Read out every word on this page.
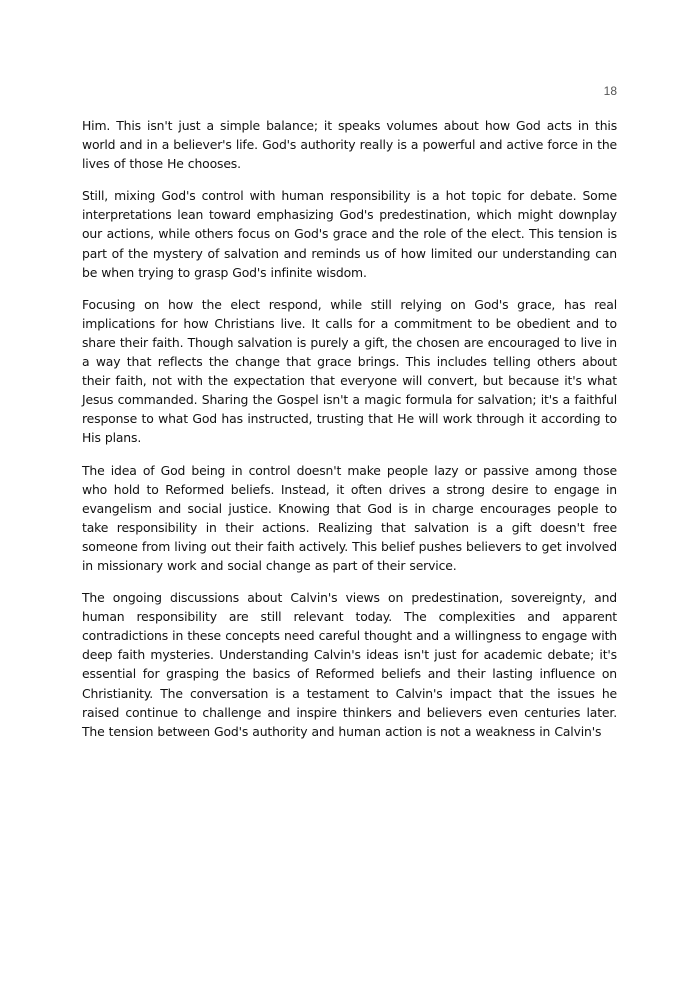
18

Him. This isn't just a simple balance; it speaks volumes about how God acts in this world and in a believer's life. God's authority really is a powerful and active force in the lives of those He chooses.

Still, mixing God's control with human responsibility is a hot topic for debate. Some interpretations lean toward emphasizing God's predestination, which might downplay our actions, while others focus on God's grace and the role of the elect. This tension is part of the mystery of salvation and reminds us of how limited our understanding can be when trying to grasp God's infinite wisdom.

Focusing on how the elect respond, while still relying on God's grace, has real implications for how Christians live. It calls for a commitment to be obedient and to share their faith. Though salvation is purely a gift, the chosen are encouraged to live in a way that reflects the change that grace brings. This includes telling others about their faith, not with the expectation that everyone will convert, but because it's what Jesus commanded. Sharing the Gospel isn't a magic formula for salvation; it's a faithful response to what God has instructed, trusting that He will work through it according to His plans.

The idea of God being in control doesn't make people lazy or passive among those who hold to Reformed beliefs. Instead, it often drives a strong desire to engage in evangelism and social justice. Knowing that God is in charge encourages people to take responsibility in their actions. Realizing that salvation is a gift doesn't free someone from living out their faith actively. This belief pushes believers to get involved in missionary work and social change as part of their service.

The ongoing discussions about Calvin's views on predestination, sovereignty, and human responsibility are still relevant today. The complexities and apparent contradictions in these concepts need careful thought and a willingness to engage with deep faith mysteries. Understanding Calvin's ideas isn't just for academic debate; it's essential for grasping the basics of Reformed beliefs and their lasting influence on Christianity. The conversation is a testament to Calvin's impact that the issues he raised continue to challenge and inspire thinkers and believers even centuries later. The tension between God's authority and human action is not a weakness in Calvin's
